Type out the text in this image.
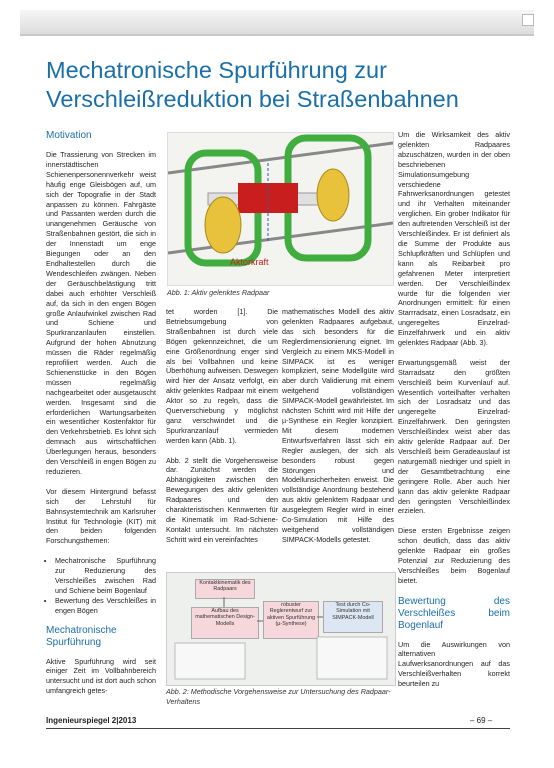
Mechatronische Spurführung zur Verschleißreduktion bei Straßenbahnen
Motivation

Die Trassierung von Strecken im innerstädtischen Schienenpersonennverkehr weist häufig enge Gleisbögen auf, um sich der Topografie in der Stadt anpassen zu können. Fahrgäste und Passanten werden durch die unangenehmen Geräusche von Straßenbahnen gestört, die sich in der Innenstadt um enge Biegungen oder an den Endhaltestellen durch die Wendeschleifen zwängen. Neben der Geräuschbelästigung tritt dabei auch erhöhter Verschleiß auf, da sich in den engen Bögen große Anlaufwinkel zwischen Rad und Schiene und Spurkranzanlaufen einstellen. Aufgrund der hohen Abnutzung müssen die Räder regelmäßig reprofiliert werden. Auch die Schienenstücke in den Bögen müssen regelmäßig nachgearbeitet oder ausgetauscht werden. Insgesamt sind die erforderlichen Wartungsarbeiten ein wesentlicher Kostenfaktor für den Verkehrsbetrieb. Es lohnt sich demnach aus wirtschaftlichen Überlegungen heraus, besonders den Verschleiß in engen Bögen zu reduzieren.

Vor diesem Hintergrund befasst sich der Lehrstuhl für Bahnsystemtechnik am Karlsruher Institut für Technologie (KIT) mit den beiden folgenden Forschungsthemen:

• Mechatronische Spurführung zur Reduzierung des Verschleißes zwischen Rad und Schiene beim Bogenlauf
• Bewertung des Verschleißes in engen Bögen
Mechatronische Spurführung

Aktive Spurführung wird seit einiger Zeit im Vollbahnbereich untersucht und ist dort auch schon umfangreich getes-

Aktorkraft
Abb. 1: Aktiv gelenktes Radpaar

tet worden [1]. Die Betriebsumgebung von Straßenbahnen ist durch viele Bögen gekennzeichnet, die um eine Größenordnung enger sind als bei Vollbahnen und keine Überhöhung aufweisen. Deswegen wird hier der Ansatz verfolgt, ein aktiv gelenktes Radpaar mit einem Aktor so zu regeln, dass die Querverschiebung y möglichst ganz verschwindet und die Spurkranzanlauf vermieden werden kann (Abb. 1).

Abb. 2 stellt die Vorgehensweise dar. Zunächst werden die Abhängigkeiten zwischen den Bewegungen des aktiv gelenkten Radpaares und den charakteristischen Kennwerten für die Kinematik im Rad-Schiene-Kontakt untersucht. Im nächsten Schritt wird ein vereinfachtes

mathematisches Modell des aktiv gelenkten Radpaares aufgebaut, das sich besonders für die Reglerdimensionierung eignet. Im Vergleich zu einem MKS-Modell in SIMPACK ist es weniger kompliziert, seine Modellgüte wird aber durch Validierung mit einem weitgehend vollständigen SIMPACK-Modell gewährleistet. Im nächsten Schritt wird mit Hilfe der µ-Synthese ein Regler konzipiert. Mit diesem modernen Entwurfsverfahren lässt sich ein Regler auslegen, der sich als besonders robust gegen Störungen und Modellunsicherheiten erweist. Die vollständige Anordnung bestehend aus aktiv gelenktem Radpaar und ausgelegtem Regler wird in einer Co-Simulation mit Hilfe des weitgehend vollständigen SIMPACK-Modells getestet.

Kontaktkinematik des Radpaars
Aufbau des mathematischen Design-Modells
robuster Reglerentwurf zur aktiven Spurführung (µ-Synthese)
Test durch Co-Simulation mit SIMPACK-Modell
Abb. 2: Methodische Vorgehensweise zur Untersuchung des Radpaar-Verhaltens

Um die Wirksamkeit des aktiv gelenkten Radpaares abzuschätzen, wurden in der oben beschriebenen Simulationsumgebung verschiedene Fahrwerksanordnungen getestet und ihr Verhalten miteinander verglichen. Ein grober Indikator für den auftretenden Verschleiß ist der Verschleißindex. Er ist definiert als die Summe der Produkte aus Schlupfkräften und Schlüpfen und kann als Reibarbeit pro gefahrenen Meter interpretiert werden. Der Verschleißindex wurde für die folgenden vier Anordnungen ermittelt: für einen Starrradsatz, einen Losradsatz, ein ungeregeltes Einzelrad-Einzelfahrwerk und ein aktiv gelenktes Radpaar (Abb. 3).

Erwartungsgemäß weist der Starradsatz den größten Verschleiß beim Kurvenlauf auf. Wesentlich vorteilhafter verhalten sich der Losradsatz und das ungeregelte Einzelrad-Einzelfahrwerk. Den geringsten Verschleißindex weist aber das aktiv gelenkte Radpaar auf. Der Verschleiß beim Geradeauslauf ist naturgemäß niedriger und spielt in der Gesamtbetrachtung eine geringere Rolle. Aber auch hier kann das aktiv gelenkte Radpaar den geringsten Verschleißindex erzielen.

Diese ersten Ergebnisse zeigen schon deutlich, dass das aktiv gelenkte Radpaar ein großes Potenzial zur Reduzierung des Verschleißes beim Bogenlauf bietet.

Bewertung des Verschleißes beim Bogenlauf

Um die Auswirkungen von alternativen Laufwerksanordnungen auf das Verschleißverhalten korrekt beurteilen zu

Ingenieurspiegel 2|2013	– 69 –
